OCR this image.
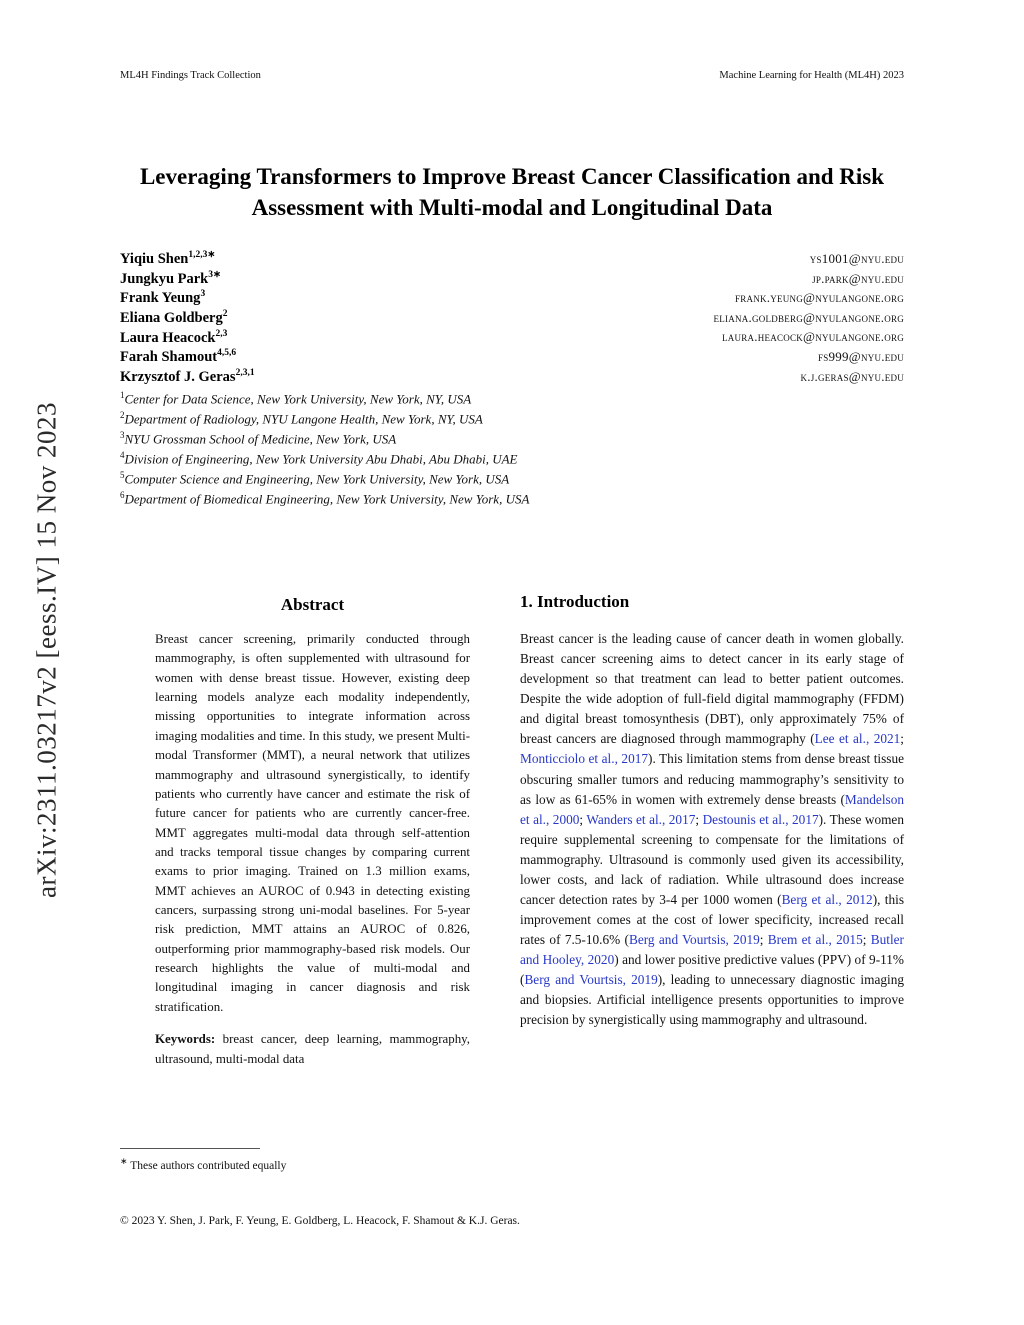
ML4H Findings Track Collection	Machine Learning for Health (ML4H) 2023
Leveraging Transformers to Improve Breast Cancer Classification and Risk Assessment with Multi-modal and Longitudinal Data
Yiqiu Shen$^{1,2,3∗}$	ys1001@nyu.edu
Jungkyu Park$^{3∗}$	jp.park@nyu.edu
Frank Yeung$^3$	frank.yeung@nyulangone.org
Eliana Goldberg$^2$	eliana.goldberg@nyulangone.org
Laura Heacock$^{2,3}$	laura.heacock@nyulangone.org
Farah Shamout$^{4,5,6}$	fs999@nyu.edu
Krzysztof J. Geras$^{2,3,1}$	k.j.geras@nyu.edu
$^1$Center for Data Science, New York University, New York, NY, USA
$^2$Department of Radiology, NYU Langone Health, New York, NY, USA
$^3$NYU Grossman School of Medicine, New York, USA
$^4$Division of Engineering, New York University Abu Dhabi, Abu Dhabi, UAE
$^5$Computer Science and Engineering, New York University, New York, USA
$^6$Department of Biomedical Engineering, New York University, New York, USA
arXiv:2311.03217v2 [eess.IV] 15 Nov 2023	Abstract

Breast cancer screening, primarily conducted through mammography, is often supplemented with ultrasound for women with dense breast tissue. However, existing deep learning models analyze each modality independently, missing opportunities to integrate information across imaging modalities and time. In this study, we present Multi-modal Transformer (MMT), a neural network that utilizes mammography and ultrasound synergistically, to identify patients who currently have cancer and estimate the risk of future cancer for patients who are currently cancer-free. MMT aggregates multi-modal data through self-attention and tracks temporal tissue changes by comparing current exams to prior imaging. Trained on 1.3 million exams, MMT achieves an AUROC of 0.943 in detecting existing cancers, surpassing strong uni-modal baselines. For 5-year risk prediction, MMT attains an AUROC of 0.826, outperforming prior mammography-based risk models. Our research highlights the value of multi-modal and longitudinal imaging in cancer diagnosis and risk stratification.

Keywords: breast cancer, deep learning, mammography, ultrasound, multi-modal data

∗ These authors contributed equally
© 2023 Y. Shen, J. Park, F. Yeung, E. Goldberg, L. Heacock, F. Shamout & K.J. Geras.
1. Introduction

Breast cancer is the leading cause of cancer death in women globally. Breast cancer screening aims to detect cancer in its early stage of development so that treatment can lead to better patient outcomes. Despite the wide adoption of full-field digital mammography (FFDM) and digital breast tomosynthesis (DBT), only approximately 75% of breast cancers are diagnosed through mammography (Lee et al., 2021; Monticciolo et al., 2017). This limitation stems from dense breast tissue obscuring smaller tumors and reducing mammography’s sensitivity to as low as 61-65% in women with extremely dense breasts (Mandelson et al., 2000; Wanders et al., 2017; Destounis et al., 2017). These women require supplemental screening to compensate for the limitations of mammography. Ultrasound is commonly used given its accessibility, lower costs, and lack of radiation. While ultrasound does increase cancer detection rates by 3-4 per 1000 women (Berg et al., 2012), this improvement comes at the cost of lower specificity, increased recall rates of 7.5-10.6% (Berg and Vourtsis, 2019; Brem et al., 2015; Butler and Hooley, 2020) and lower positive predictive values (PPV) of 9-11% (Berg and Vourtsis, 2019), leading to unnecessary diagnostic imaging and biopsies. Artificial intelligence presents opportunities to improve precision by synergistically using mammography and ultrasound.
